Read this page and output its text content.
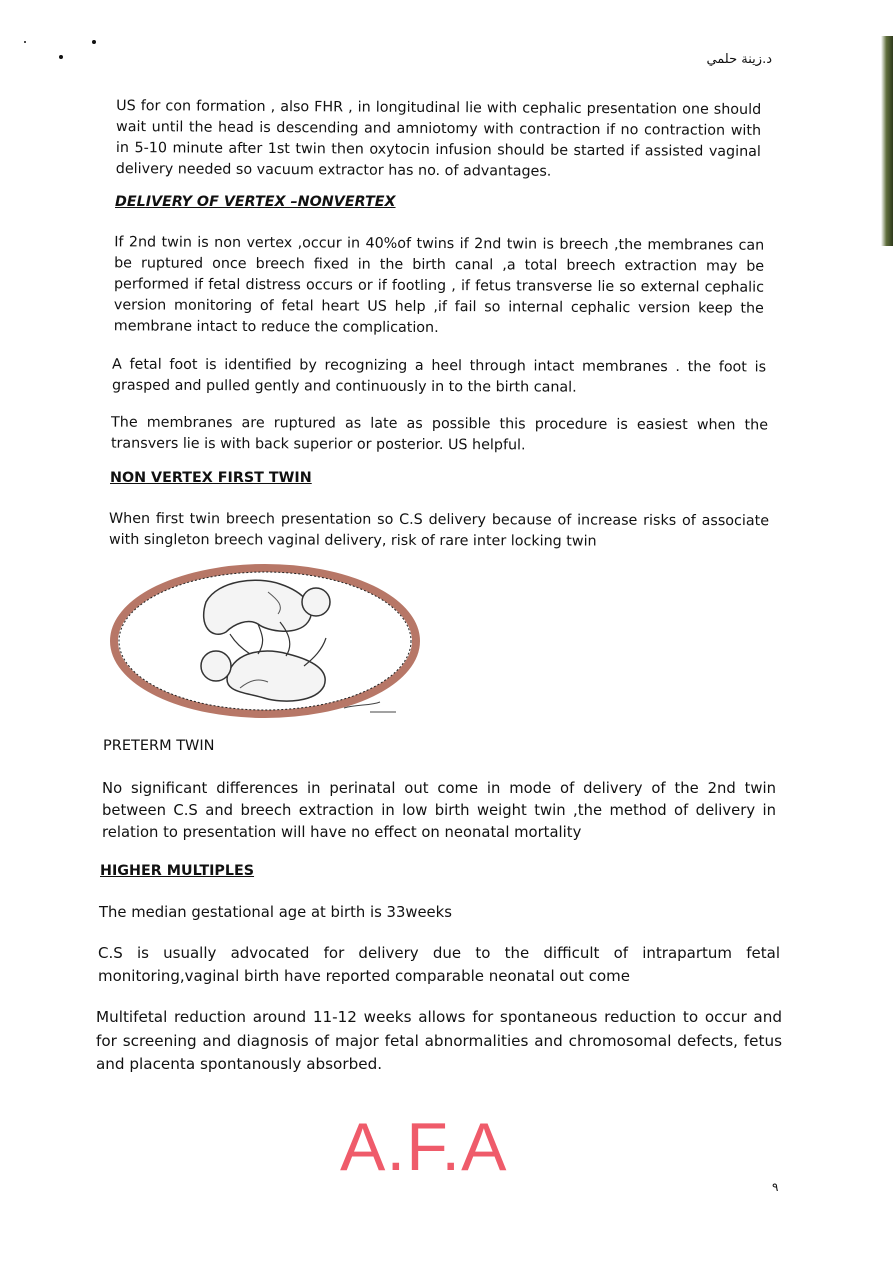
د.زينة حلمي
US for con formation , also FHR , in longitudinal lie with cephalic presentation one should wait until the head is descending and amniotomy with contraction if no contraction with in 5-10 minute after 1st twin then oxytocin infusion should be started if assisted vaginal delivery needed so vacuum extractor has no. of advantages.
DELIVERY OF VERTEX –NONVERTEX
If 2nd twin is non vertex ,occur in 40%of twins if 2nd twin is breech ,the membranes can be ruptured once breech fixed in the birth canal ,a total breech extraction may be performed if fetal distress occurs or if footling , if fetus transverse lie so external cephalic version monitoring of fetal heart US help ,if fail so internal cephalic version keep the membrane intact to reduce the complication.
A fetal foot is identified by recognizing a heel through intact membranes . the foot is grasped and pulled gently and continuously in to the birth canal.
The membranes are ruptured as late as possible this procedure is easiest when the transvers lie is with back superior or posterior. US helpful.
NON VERTEX FIRST TWIN
When first twin breech presentation so C.S delivery because of increase risks of associate with singleton breech vaginal delivery, risk of rare inter locking twin
PRETERM TWIN
No significant differences in perinatal out come in mode of delivery of the 2nd twin between C.S and breech extraction in low birth weight twin ,the method of delivery in relation to presentation will have no effect on neonatal mortality
HIGHER MULTIPLES
The median gestational age at birth is 33weeks
C.S is usually advocated for delivery due to the difficult of intrapartum fetal monitoring,vaginal birth have reported comparable neonatal out come
Multifetal reduction around 11-12 weeks allows for spontaneous reduction to occur and for screening and diagnosis of major fetal abnormalities and chromosomal defects, fetus and placenta spontanously absorbed.
A.F.A
٩
